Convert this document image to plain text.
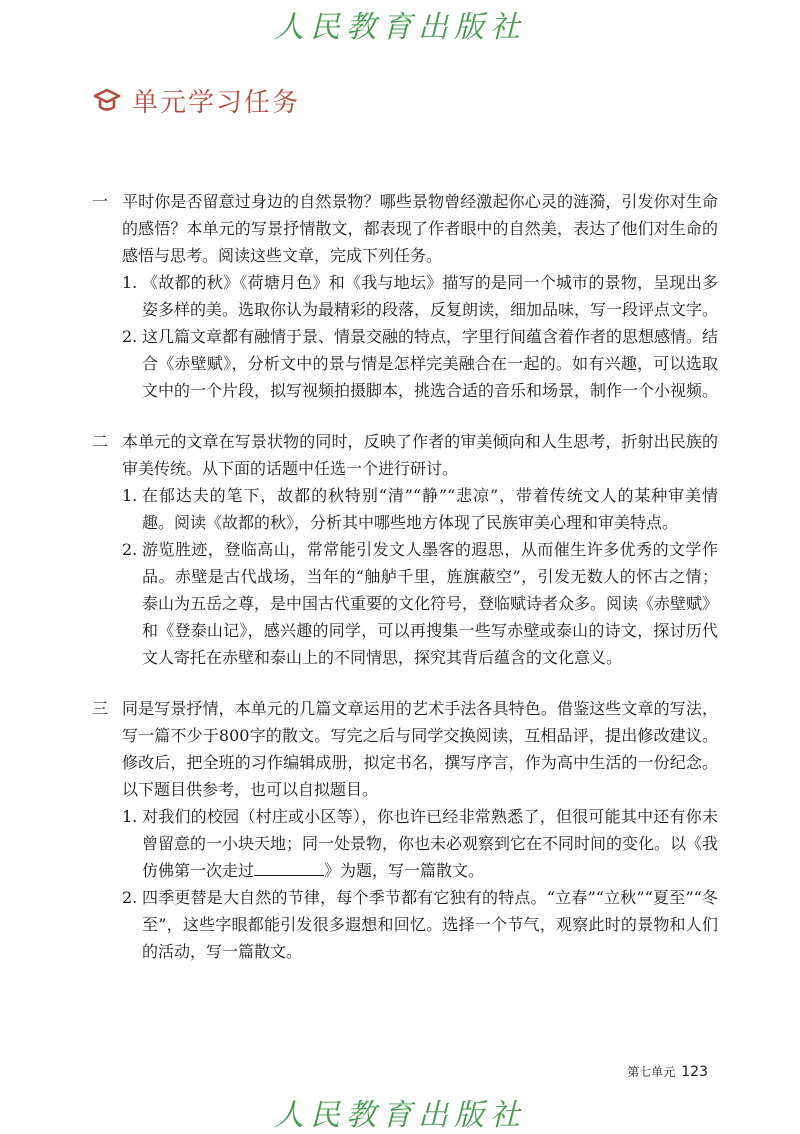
人民教育出版社
单元学习任务
一 平时你是否留意过身边的自然景物？哪些景物曾经激起你心灵的涟漪，引发你对生命的感悟？本单元的写景抒情散文，都表现了作者眼中的自然美，表达了他们对生命的感悟与思考。阅读这些文章，完成下列任务。
1. 《故都的秋》《荷塘月色》和《我与地坛》描写的是同一个城市的景物，呈现出多姿多样的美。选取你认为最精彩的段落，反复朗读，细加品味，写一段评点文字。
2. 这几篇文章都有融情于景、情景交融的特点，字里行间蕴含着作者的思想感情。结合《赤壁赋》，分析文中的景与情是怎样完美融合在一起的。如有兴趣，可以选取文中的一个片段，拟写视频拍摄脚本，挑选合适的音乐和场景，制作一个小视频。
二 本单元的文章在写景状物的同时，反映了作者的审美倾向和人生思考，折射出民族的审美传统。从下面的话题中任选一个进行研讨。
1. 在郁达夫的笔下，故都的秋特别“清”“静”“悲凉”，带着传统文人的某种审美情趣。阅读《故都的秋》，分析其中哪些地方体现了民族审美心理和审美特点。
2. 游览胜迹，登临高山，常常能引发文人墨客的遐思，从而催生许多优秀的文学作品。赤壁是古代战场，当年的“舳舻千里，旌旗蔽空”，引发无数人的怀古之情；泰山为五岳之尊，是中国古代重要的文化符号，登临赋诗者众多。阅读《赤壁赋》和《登泰山记》，感兴趣的同学，可以再搜集一些写赤壁或泰山的诗文，探讨历代文人寄托在赤壁和泰山上的不同情思，探究其背后蕴含的文化意义。
三 同是写景抒情，本单元的几篇文章运用的艺术手法各具特色。借鉴这些文章的写法，写一篇不少于800字的散文。写完之后与同学交换阅读，互相品评，提出修改建议。修改后，把全班的习作编辑成册，拟定书名，撰写序言，作为高中生活的一份纪念。以下题目供参考，也可以自拟题目。
1. 对我们的校园（村庄或小区等），你也许已经非常熟悉了，但很可能其中还有你未曾留意的一小块天地；同一处景物，你也未必观察到它在不同时间的变化。以《我仿佛第一次走过	》为题，写一篇散文。
2. 四季更替是大自然的节律，每个季节都有它独有的特点。“立春”“立秋”“夏至”“冬至”，这些字眼都能引发很多遐想和回忆。选择一个节气，观察此时的景物和人们的活动，写一篇散文。
第七单元 123
人民教育出版社
